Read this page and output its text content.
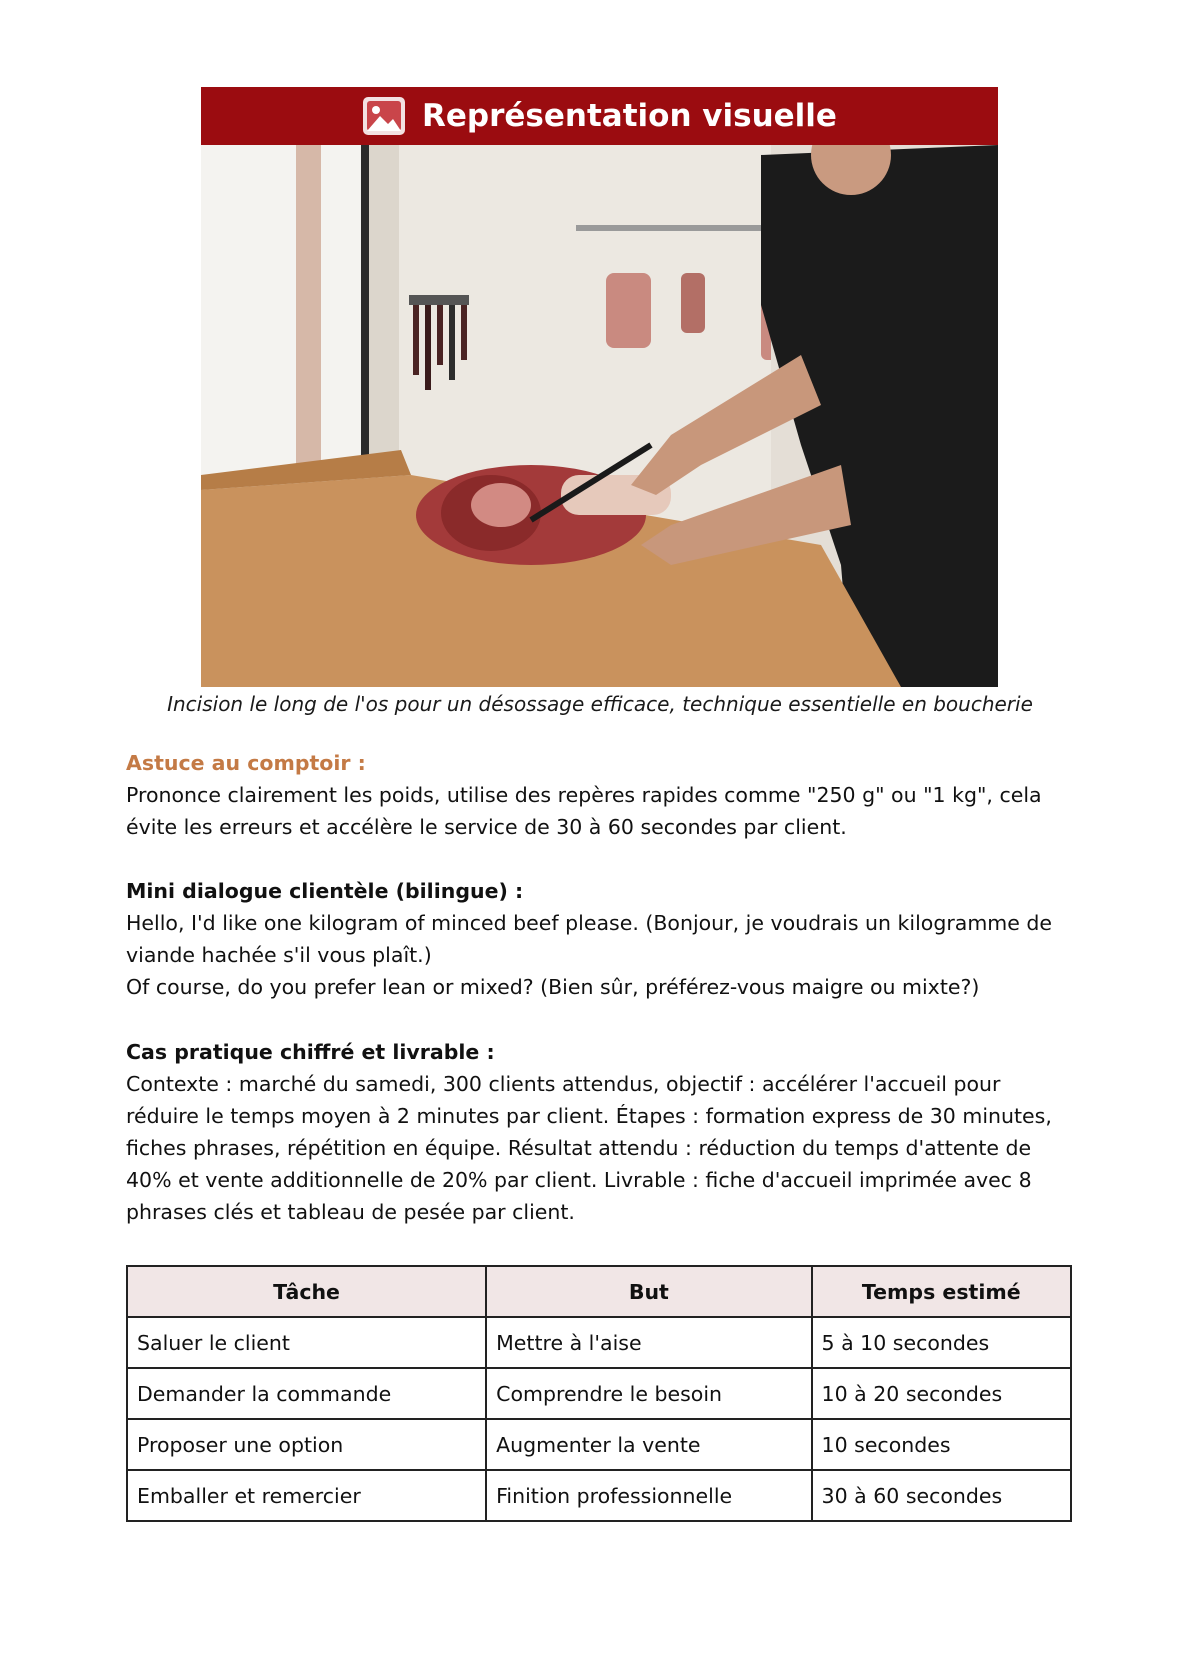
Représentation visuelle
Incision le long de l'os pour un désossage efficace, technique essentielle en boucherie
Astuce au comptoir :
Prononce clairement les poids, utilise des repères rapides comme "250 g" ou "1 kg", cela évite les erreurs et accélère le service de 30 à 60 secondes par client.
Mini dialogue clientèle (bilingue) :
Hello, I'd like one kilogram of minced beef please. (Bonjour, je voudrais un kilogramme de viande hachée s'il vous plaît.)
Of course, do you prefer lean or mixed? (Bien sûr, préférez-vous maigre ou mixte?)
Cas pratique chiffré et livrable :
Contexte : marché du samedi, 300 clients attendus, objectif : accélérer l'accueil pour réduire le temps moyen à 2 minutes par client. Étapes : formation express de 30 minutes, fiches phrases, répétition en équipe. Résultat attendu : réduction du temps d'attente de 40% et vente additionnelle de 20% par client. Livrable : fiche d'accueil imprimée avec 8 phrases clés et tableau de pesée par client.
Tâche	But	Temps estimé
Saluer le client	Mettre à l'aise	5 à 10 secondes
Demander la commande	Comprendre le besoin	10 à 20 secondes
Proposer une option	Augmenter la vente	10 secondes
Emballer et remercier	Finition professionnelle	30 à 60 secondes
